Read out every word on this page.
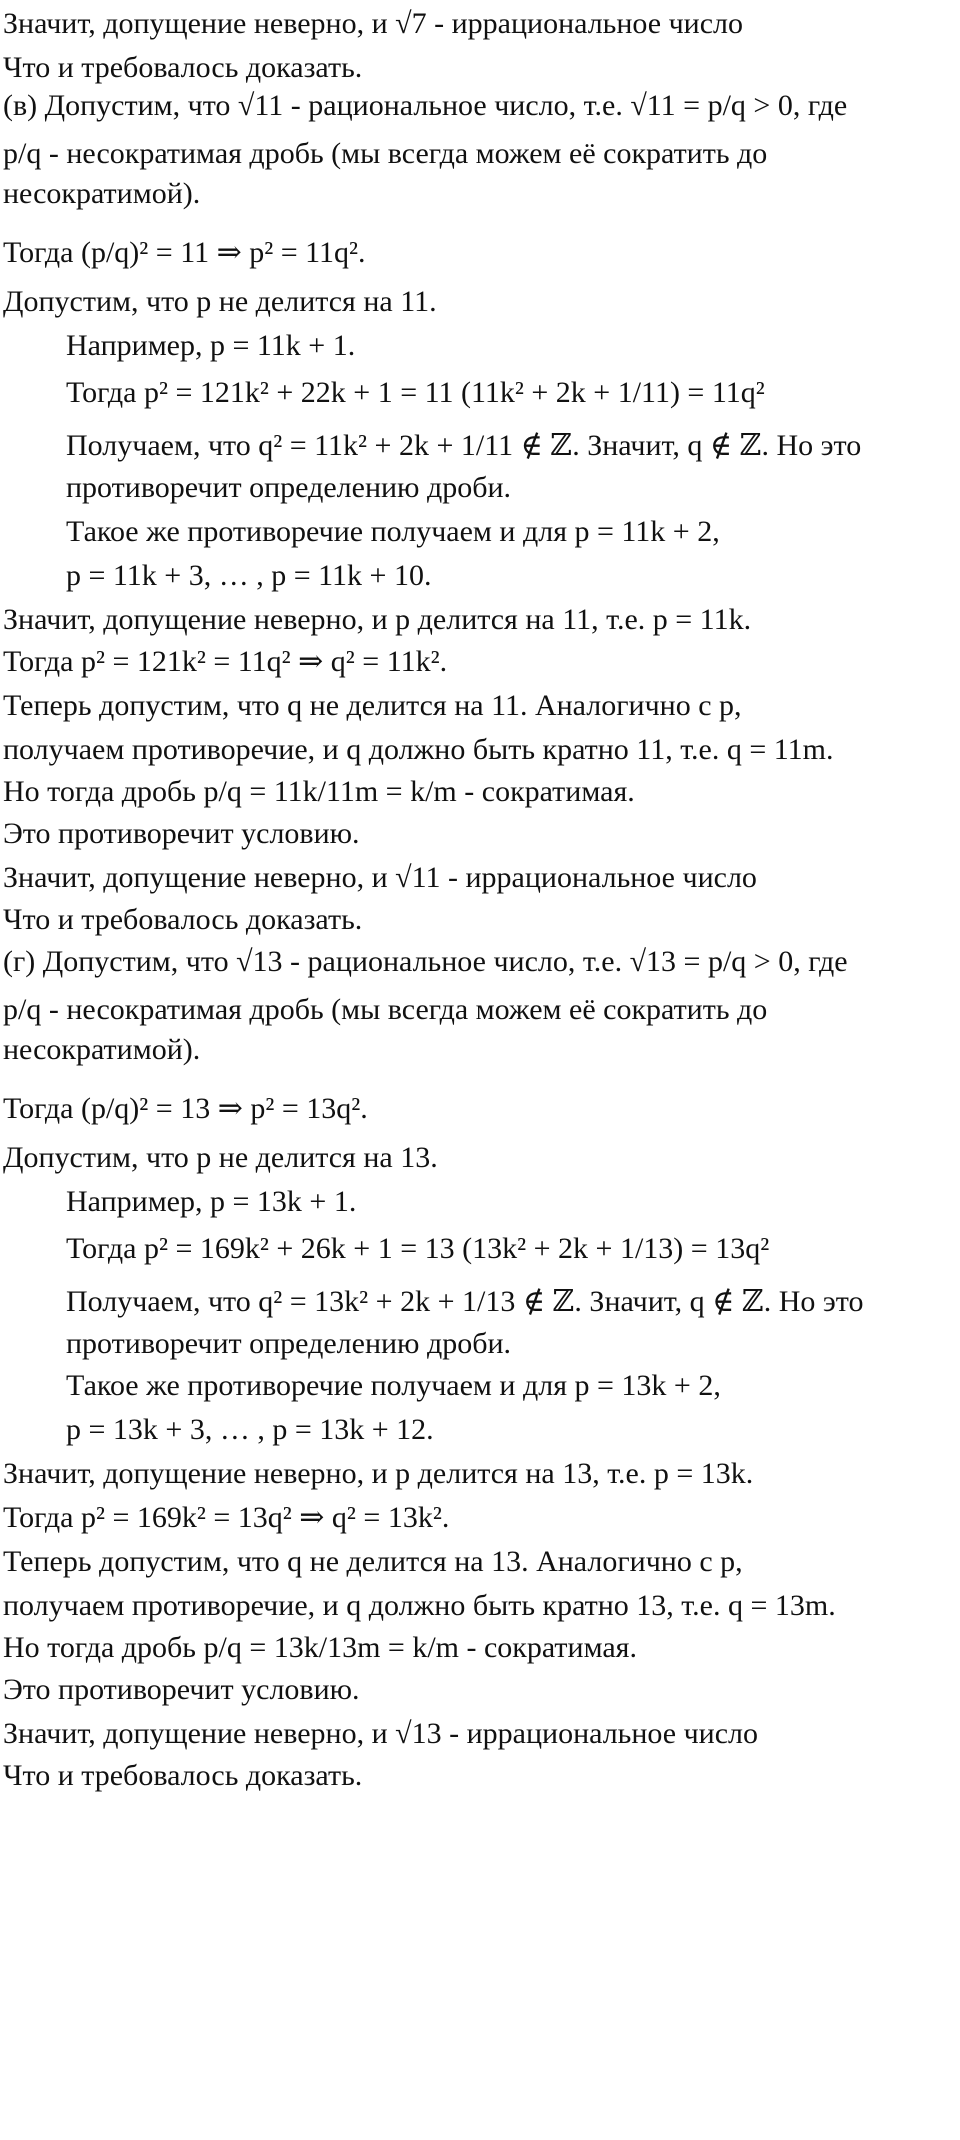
Значит, допущение неверно, и √7 - иррациональное число
Что и требовалось доказать.
(в) Допустим, что √11 - рациональное число, т.е. √11 = p/q > 0, где
p/q - несократимая дробь (мы всегда можем её сократить до
несократимой).
Тогда (p/q)² = 11 ⇒ p² = 11q².
Допустим, что p не делится на 11.
Например, p = 11k + 1.
Тогда p² = 121k² + 22k + 1 = 11 (11k² + 2k + 1/11) = 11q²
Получаем, что q² = 11k² + 2k + 1/11 ∉ ℤ. Значит, q ∉ ℤ. Но это
противоречит определению дроби.
Такое же противоречие получаем и для p = 11k + 2,
p = 11k + 3, … , p = 11k + 10.
Значит, допущение неверно, и p делится на 11, т.е. p = 11k.
Тогда p² = 121k² = 11q² ⇒ q² = 11k².
Теперь допустим, что q не делится на 11. Аналогично с p,
получаем противоречие, и q должно быть кратно 11, т.е. q = 11m.
Но тогда дробь p/q = 11k/11m = k/m - сократимая.
Это противоречит условию.
Значит, допущение неверно, и √11 - иррациональное число
Что и требовалось доказать.
(г) Допустим, что √13 - рациональное число, т.е. √13 = p/q > 0, где
p/q - несократимая дробь (мы всегда можем её сократить до
несократимой).
Тогда (p/q)² = 13 ⇒ p² = 13q².
Допустим, что p не делится на 13.
Например, p = 13k + 1.
Тогда p² = 169k² + 26k + 1 = 13 (13k² + 2k + 1/13) = 13q²
Получаем, что q² = 13k² + 2k + 1/13 ∉ ℤ. Значит, q ∉ ℤ. Но это
противоречит определению дроби.
Такое же противоречие получаем и для p = 13k + 2,
p = 13k + 3, … , p = 13k + 12.
Значит, допущение неверно, и p делится на 13, т.е. p = 13k.
Тогда p² = 169k² = 13q² ⇒ q² = 13k².
Теперь допустим, что q не делится на 13. Аналогично с p,
получаем противоречие, и q должно быть кратно 13, т.е. q = 13m.
Но тогда дробь p/q = 13k/13m = k/m - сократимая.
Это противоречит условию.
Значит, допущение неверно, и √13 - иррациональное число
Что и требовалось доказать.
